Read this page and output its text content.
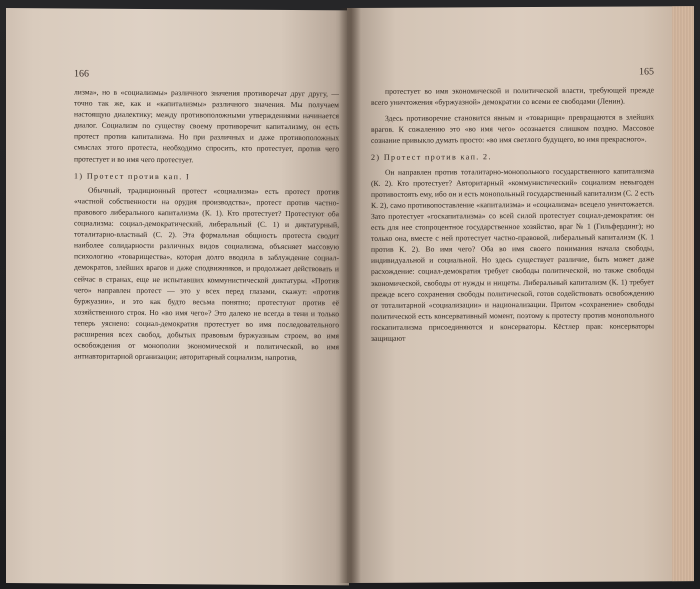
166

лизма», но в «социализмы» различного значения противоречат друг другу, — точно так же, как и «капитализмы» различного значения. Мы получаем настоящую диалектику; между противоположными утверждениями начинается диалог. Социализм по существу своему противоречит капитализму, он есть протест против капитализма. Но при различных и даже противоположных смыслах этого протеста, необходимо спросить, кто протестует, против чего протестует и во имя чего протестует.

1) Протест против кап. I

Обычный, традиционный протест «социализма» есть протест против «частной собственности на орудия производства», протест против частно-правового либерального капитализма (К. 1). Кто протестует? Протестуют оба социализма: социал-демократический, либеральный (С. 1) и диктатурный, тоталитарно-властный (С. 2). Эта формальная общность протеста сводит наиболее солидарности различных видов социализма, объясняет массовую психологию «товарищества», которая долго вводила в заблуждение социал-демократов, злейших врагов и даже сподвижников, и продолжает действовать и сейчас в странах, еще не испытавших коммунистической диктатуры. «Против чего» направлен протест — это у всех перед глазами, скажут: «против буржуазии», и это как будто весьма понятно; протестуют против её хозяйственного строя. Но «во имя чего»? Это далеко не всегда в тени и только теперь уяснено: социал-демократия протестует во имя последовательного расширения всех свобод, добытых правовым буржуазным строем, во имя освобождения от монополии экономической и политической, во имя антиавторитарной организации; авторитарный социализм, напротив,

165

протестует во имя экономической и политической власти, требующей прежде всего уничтожения «буржуазной» демократии со всеми ее свободами (Ленин).

Здесь противоречие становится явным и «товарищи» превращаются в злейших врагов. К сожалению это «во имя чего» осознается слишком поздно. Массовое сознание привыкло думать просто: «во имя светлого будущего, во имя прекрасного».

2) Протест против кап. 2.

Он направлен против тоталитарно-монопольного государственного капитализма (К. 2). Кто протестует? Авторитарный «коммунистический» социализм невыгоден противостоять ему, ибо он и есть монопольный государственный капитализм (С. 2 есть К. 2), само противопоставление «капитализма» и «социализма» всецело уничтожается. Зато протестует «госкапитализма» со всей силой протестует социал-демократия: он есть для нее стопроцентное государственное хозяйство, враг № 1 (Гильфердинг); но только она, вместе с ней протестует частно-правовой, либеральный капитализм (К. 1 против К. 2). Во имя чего? Оба во имя своего понимания начала свободы, индивидуальной и социальной. Но здесь существует различие, быть может даже расхождение: социал-демократия требует свободы политической, но также свободы экономической, свободы от нужды и нищеты. Либеральный капитализм (К. 1) требует прежде всего сохранения свободы политической, готов содействовать освобождению от тоталитарной «социализации» и национализации. Притом «сохранение» свободы политической есть консервативный момент, поэтому к протесту против монопольного госкапитализма присоединяются и консерваторы. Кёстлер прав: консерваторы защищают
